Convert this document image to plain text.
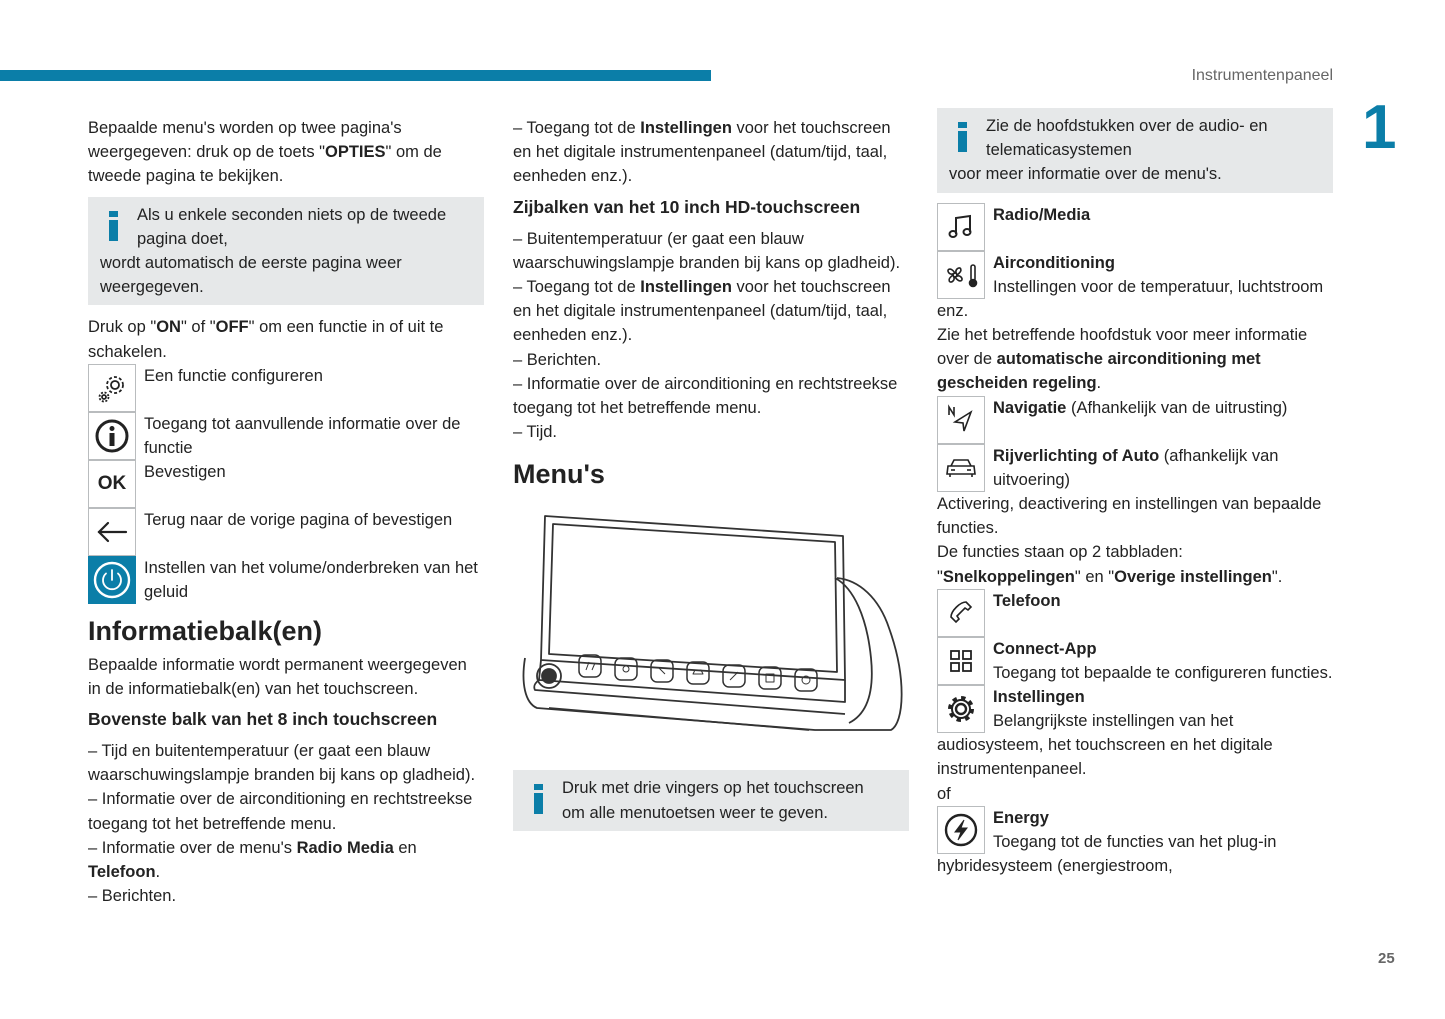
Instrumentenpaneel
1
25

Bepaalde menu's worden op twee pagina's weergegeven: druk op de toets "OPTIES" om de tweede pagina te bekijken.

Als u enkele seconden niets op de tweede pagina doet,

wordt automatisch de eerste pagina weer weergegeven.

Druk op "ON" of "OFF" om een functie in of uit te schakelen.

Een functie configureren
Toegang tot aanvullende informatie over de functie
OK
Bevestigen
Terug naar de vorige pagina of bevestigen
Instellen van het volume/onderbreken van het geluid
Informatiebalk(en)

Bepaalde informatie wordt permanent weergegeven in de informatiebalk(en) van het touchscreen.

Bovenste balk van het 8 inch touchscreen

– Tijd en buitentemperatuur (er gaat een blauw waarschuwingslampje branden bij kans op gladheid).

– Informatie over de airconditioning en rechtstreekse toegang tot het betreffende menu.

– Informatie over de menu's Radio Media en Telefoon.

– Berichten.

– Toegang tot de Instellingen voor het touchscreen en het digitale instrumentenpaneel (datum/tijd, taal, eenheden enz.).

Zijbalken van het 10 inch HD-touchscreen

– Buitentemperatuur (er gaat een blauw waarschuwingslampje branden bij kans op gladheid).

– Toegang tot de Instellingen voor het touchscreen en het digitale instrumentenpaneel (datum/tijd, taal, eenheden enz.).

– Berichten.

– Informatie over de airconditioning en rechtstreekse toegang tot het betreffende menu.

– Tijd.

Menu's

Druk met drie vingers op het touchscreen

om alle menutoetsen weer te geven.

Zie de hoofdstukken over de audio- en telematicasystemen

voor meer informatie over de menu's.

Radio/Media
Airconditioning

Instellingen voor de temperatuur, luchtstroom enz.

Zie het betreffende hoofdstuk voor meer informatie over de automatische airconditioning met gescheiden regeling.

Navigatie (Afhankelijk van de uitrusting)
Rijverlichting of Auto (afhankelijk van uitvoering)

Activering, deactivering en instellingen van bepaalde functies.

De functies staan op 2 tabbladen:

"Snelkoppelingen" en "Overige instellingen".

Telefoon
Connect-App

Toegang tot bepaalde te configureren functies.

Instellingen

Belangrijkste instellingen van het audiosysteem, het touchscreen en het digitale instrumentenpaneel.

of

Energy

Toegang tot de functies van het plug-in hybridesysteem (energiestroom,
